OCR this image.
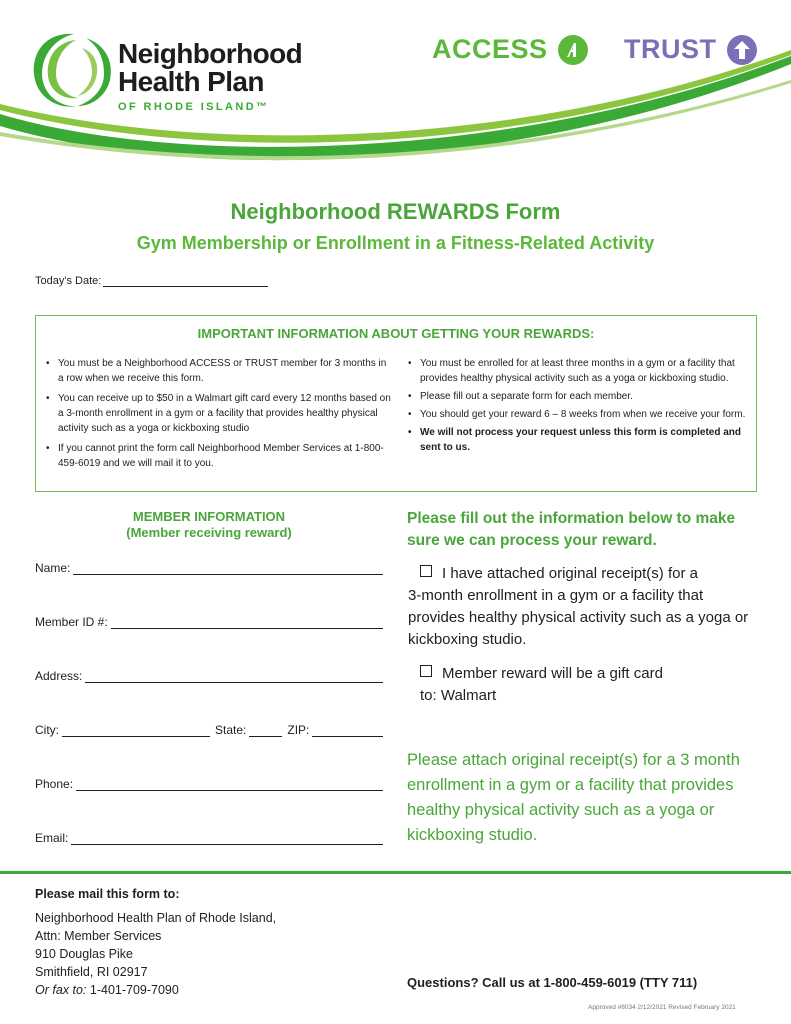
Neighborhood
Health Plan
OF RHODE ISLAND™
ACCESS	TRUST
Neighborhood REWARDS Form
Gym Membership or Enrollment in a Fitness-Related Activity
Today's Date:
IMPORTANT INFORMATION ABOUT GETTING YOUR REWARDS:
• You must be a Neighborhood ACCESS or TRUST member for 3 months in a row when we receive this form.
• You can receive up to $50 in a Walmart gift card every 12 months based on a 3-month enrollment in a gym or a facility that provides healthy physical activity such as a yoga or kickboxing studio
• If you cannot print the form call Neighborhood Member Services at 1-800-459-6019 and we will mail it to you.
• You must be enrolled for at least three months in a gym or a facility that provides healthy physical activity such as a yoga or kickboxing studio.
• Please fill out a separate form for each member.
• You should get your reward 6 – 8 weeks from when we receive your form.
• We will not process your request unless this form is completed and sent to us.
MEMBER INFORMATION
(Member receiving reward)
Name:
Member ID #:
Address:
City:	State:	ZIP:
Phone:
Email:
Please fill out the information below to make sure we can process your reward.
I have attached original receipt(s) for a
3-month enrollment in a gym or a facility that provides healthy physical activity such as a yoga or kickboxing studio.
Member reward will be a gift card
to: Walmart
Please attach original receipt(s) for a 3 month enrollment in a gym or a facility that provides healthy physical activity such as a yoga or kickboxing studio.
Please mail this form to:
Neighborhood Health Plan of Rhode Island,
Attn: Member Services
910 Douglas Pike
Smithfield, RI 02917
Or fax to: 1-401-709-7090	Questions? Call us at 1-800-459-6019 (TTY 711)
Approved #8034 2/12/2021 Revised February 2021
